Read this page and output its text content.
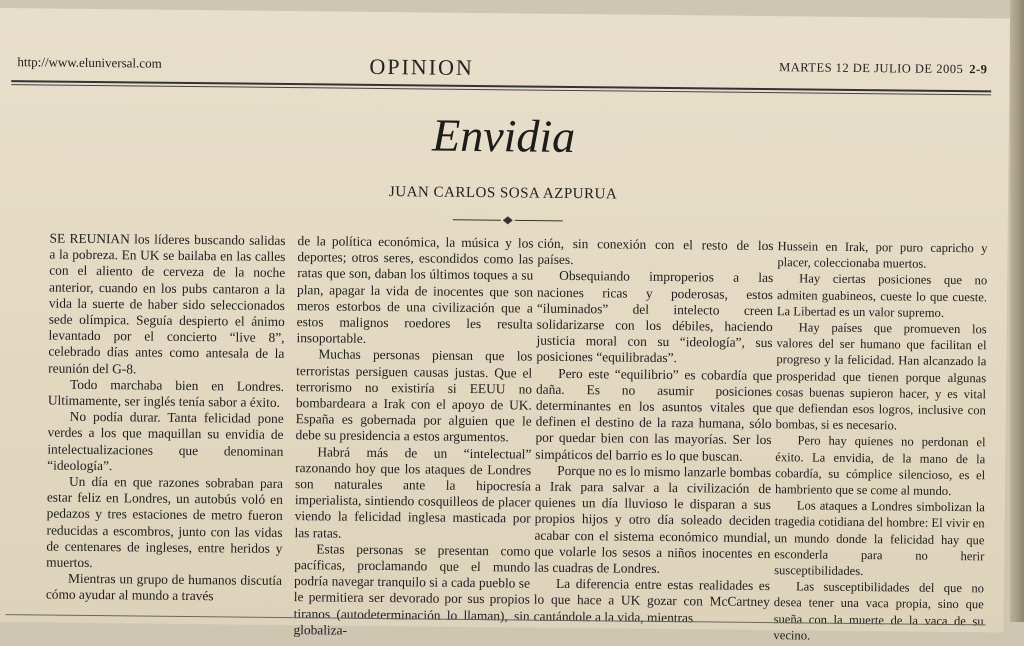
http://www.eluniversal.com	OPINION	MARTES 12 DE JULIO DE 2005 2-9
Envidia
JUAN CARLOS SOSA AZPURUA

SE REUNIAN los líderes buscando salidas a la pobreza. En UK se bailaba en las calles con el aliento de cerveza de la noche anterior, cuando en los pubs cantaron a la vida la suerte de haber sido seleccionados sede olímpica. Seguía despierto el ánimo levantado por el concierto “live 8”, celebrado días antes como antesala de la reunión del G-8.

Todo marchaba bien en Londres. Ultimamente, ser inglés tenía sabor a éxito.

No podía durar. Tanta felicidad pone verdes a los que maquillan su envidia de intelectualizaciones que denominan “ideología”.

Un día en que razones sobraban para estar feliz en Londres, un autobús voló en pedazos y tres estaciones de metro fueron reducidas a escombros, junto con las vidas de centenares de ingleses, entre heridos y muertos.

Mientras un grupo de humanos discutía cómo ayudar al mundo a través

de la política económica, la música y los deportes; otros seres, escondidos como las ratas que son, daban los últimos toques a su plan, apagar la vida de inocentes que son meros estorbos de una civilización que a estos malignos roedores les resulta insoportable.

Muchas personas piensan que los terroristas persiguen causas justas. Que el terrorismo no existiría si EEUU no bombardeara a Irak con el apoyo de UK. España es gobernada por alguien que le debe su presidencia a estos argumentos.

Habrá más de un “intelectual” razonando hoy que los ataques de Londres son naturales ante la hipocresía imperialista, sintiendo cosquilleos de placer viendo la felicidad inglesa masticada por las ratas.

Estas personas se presentan como pacíficas, proclamando que el mundo podría navegar tranquilo si a cada pueblo se le permitiera ser devorado por sus propios tiranos (autodeterminación lo llaman), sin globaliza-

ción, sin conexión con el resto de los países.

Obsequiando improperios a las naciones ricas y poderosas, estos “iluminados” del intelecto creen solidarizarse con los débiles, haciendo justicia moral con su “ideología”, sus posiciones “equilibradas”.

Pero este “equilibrio” es cobardía que daña. Es no asumir posiciones determinantes en los asuntos vitales que definen el destino de la raza humana, sólo por quedar bien con las mayorías. Ser los simpáticos del barrio es lo que buscan.

Porque no es lo mismo lanzarle bombas a Irak para salvar a la civilización de quienes un día lluvioso le disparan a sus propios hijos y otro día soleado deciden acabar con el sistema económico mundial, que volarle los sesos a niños inocentes en las cuadras de Londres.

La diferencia entre estas realidades es lo que hace a UK gozar con McCartney cantándole a la vida, mientras

Hussein en Irak, por puro capricho y placer, coleccionaba muertos.

Hay ciertas posiciones que no admiten guabineos, cueste lo que cueste. La Libertad es un valor supremo.

Hay países que promueven los valores del ser humano que facilitan el progreso y la felicidad. Han alcanzado la prosperidad que tienen porque algunas cosas buenas supieron hacer, y es vital que defiendan esos logros, inclusive con bombas, si es necesario.

Pero hay quienes no perdonan el éxito. La envidia, de la mano de la cobardía, su cómplice silencioso, es el hambriento que se come al mundo.

Los ataques a Londres simbolizan la tragedia cotidiana del hombre: El vivir en un mundo donde la felicidad hay que esconderla para no herir susceptibilidades.

Las susceptibilidades del que no desea tener una vaca propia, sino que sueña con la muerte de la vaca de su vecino.
